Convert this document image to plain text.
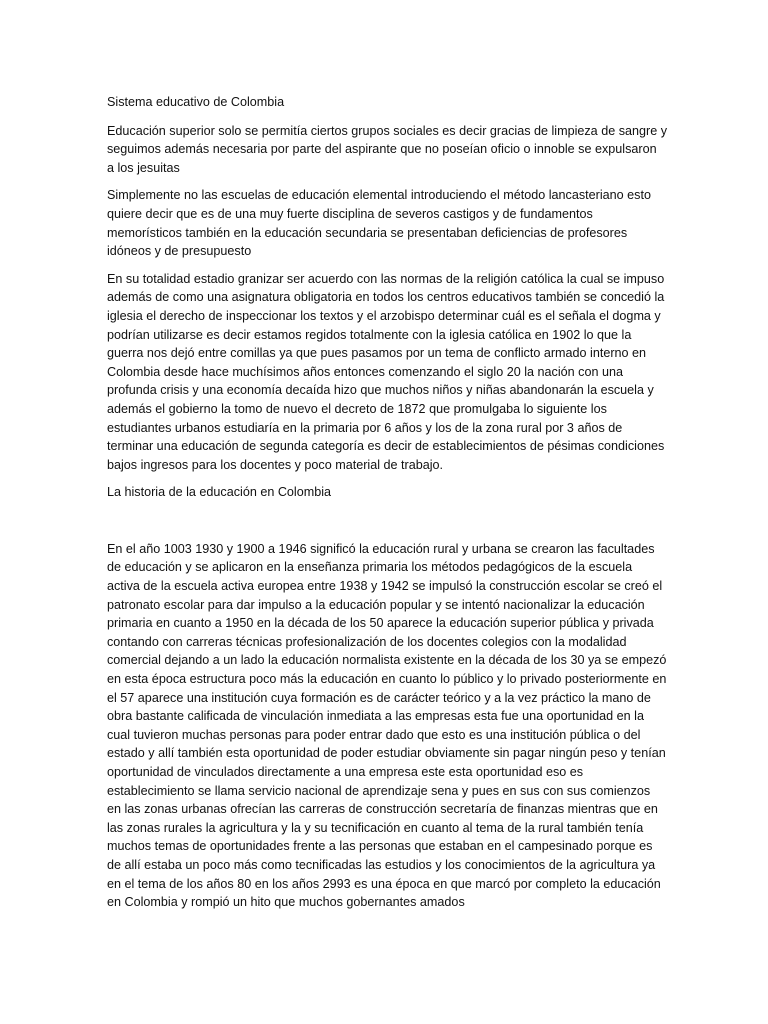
Sistema educativo de Colombia

Educación superior solo se permitía ciertos grupos sociales es decir gracias de limpieza de sangre y seguimos además necesaria por parte del aspirante que no poseían oficio o innoble se expulsaron a los jesuitas

Simplemente no las escuelas de educación elemental introduciendo el método lancasteriano esto quiere decir que es de una muy fuerte disciplina de severos castigos y de fundamentos memorísticos también en la educación secundaria se presentaban deficiencias de profesores idóneos y de presupuesto

En su totalidad estadio granizar ser acuerdo con las normas de la religión católica la cual se impuso además de como una asignatura obligatoria en todos los centros educativos también se concedió la iglesia el derecho de inspeccionar los textos y el arzobispo determinar cuál es el señala el dogma y podrían utilizarse es decir estamos regidos totalmente con la iglesia católica en 1902 lo que la guerra nos dejó entre comillas ya que pues pasamos por un tema de conflicto armado interno en Colombia desde hace muchísimos años entonces comenzando el siglo 20 la nación con una profunda crisis y una economía decaída hizo que muchos niños y niñas abandonarán la escuela y además el gobierno la tomo de nuevo el decreto de 1872 que promulgaba lo siguiente los estudiantes urbanos estudiaría en la primaria por 6 años y los de la zona rural por 3 años de terminar una educación de segunda categoría es decir de establecimientos de pésimas condiciones bajos ingresos para los docentes y poco material de trabajo.

La historia de la educación en Colombia

En el año 1003 1930 y 1900 a 1946 significó la educación rural y urbana se crearon las facultades de educación y se aplicaron en la enseñanza primaria los métodos pedagógicos de la escuela activa de la escuela activa europea entre 1938 y 1942 se impulsó la construcción escolar se creó el patronato escolar para dar impulso a la educación popular y se intentó nacionalizar la educación primaria en cuanto a 1950 en la década de los 50 aparece la educación superior pública y privada contando con carreras técnicas profesionalización de los docentes colegios con la modalidad comercial dejando a un lado la educación normalista existente en la década de los 30 ya se empezó en esta época estructura poco más la educación en cuanto lo público y lo privado posteriormente en el 57 aparece una institución cuya formación es de carácter teórico y a la vez práctico la mano de obra bastante calificada de vinculación inmediata a las empresas esta fue una oportunidad en la cual tuvieron muchas personas para poder entrar dado que esto es una institución pública o del estado y allí también esta oportunidad de poder estudiar obviamente sin pagar ningún peso y tenían oportunidad de vinculados directamente a una empresa este esta oportunidad eso es establecimiento se llama servicio nacional de aprendizaje sena y pues en sus con sus comienzos en las zonas urbanas ofrecían las carreras de construcción secretaría de finanzas mientras que en las zonas rurales la agricultura y la y su tecnificación en cuanto al tema de la rural también tenía muchos temas de oportunidades frente a las personas que estaban en el campesinado porque es de allí estaba un poco más como tecnificadas las estudios y los conocimientos de la agricultura ya en el tema de los años 80 en los años 2993 es una época en que marcó por completo la educación en Colombia y rompió un hito que muchos gobernantes amados
